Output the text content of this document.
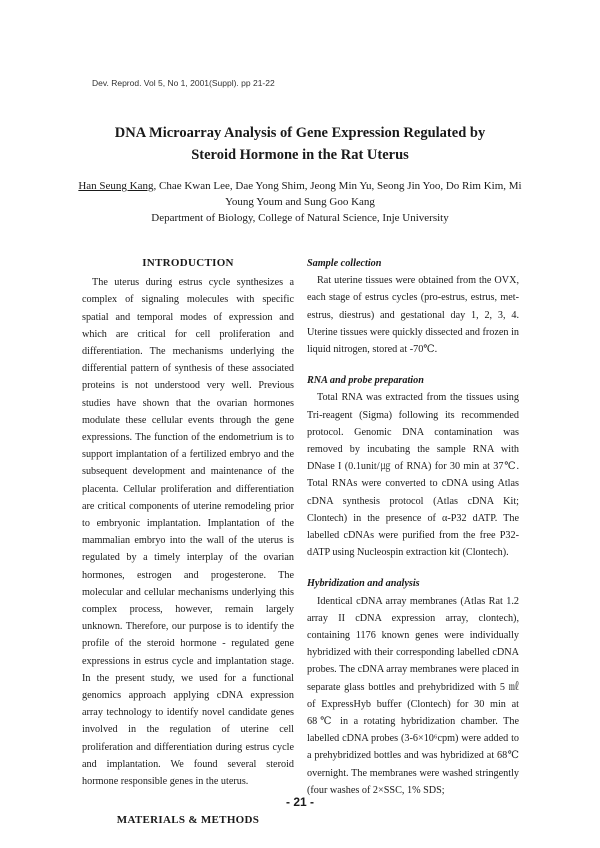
Dev. Reprod. Vol 5, No 1, 2001(Suppl). pp 21-22
DNA Microarray Analysis of Gene Expression Regulated by
Steroid Hormone in the Rat Uterus
Han Seung Kang, Chae Kwan Lee, Dae Yong Shim, Jeong Min Yu, Seong Jin Yoo, Do Rim Kim, Mi Young Youm and Sung Goo Kang
Department of Biology, College of Natural Science, Inje University
INTRODUCTION

The uterus during estrus cycle synthesizes a complex of signaling molecules with specific spatial and temporal modes of expression and which are critical for cell proliferation and differentiation. The mechanisms underlying the differential pattern of synthesis of these associated proteins is not understood very well. Previous studies have shown that the ovarian hormones modulate these cellular events through the gene expressions. The function of the endometrium is to support implantation of a fertilized embryo and the subsequent development and maintenance of the placenta. Cellular proliferation and differentiation are critical components of uterine remodeling prior to embryonic implantation. Implantation of the mammalian embryo into the wall of the uterus is regulated by a timely interplay of the ovarian hormones, estrogen and progesterone. The molecular and cellular mechanisms underlying this complex process, however, remain largely unknown. Therefore, our purpose is to identify the profile of the steroid hormone - regulated gene expressions in estrus cycle and implantation stage. In the present study, we used for a functional genomics approach applying cDNA expression array technology to identify novel candidate genes involved in the regulation of uterine cell proliferation and differentiation during estrus cycle and implantation. We found several steroid hormone responsible genes in the uterus.

MATERIALS & METHODS

Sample collection

Rat uterine tissues were obtained from the OVX, each stage of estrus cycles (pro-estrus, estrus, met-estrus, diestrus) and gestational day 1, 2, 3, 4. Uterine tissues were quickly dissected and frozen in liquid nitrogen, stored at -70℃.

RNA and probe preparation

Total RNA was extracted from the tissues using Tri-reagent (Sigma) following its recommended protocol. Genomic DNA contamination was removed by incubating the sample RNA with DNase I (0.1unit/㎍ of RNA) for 30 min at 37℃. Total RNAs were converted to cDNA using Atlas cDNA synthesis protocol (Atlas cDNA Kit; Clontech) in the presence of α-P32 dATP. The labelled cDNAs were purified from the free P32-dATP using Nucleospin extraction kit (Clontech).

Hybridization and analysis

Identical cDNA array membranes (Atlas Rat 1.2 array II cDNA expression array, clontech), containing 1176 known genes were individually hybridized with their corresponding labelled cDNA probes. The cDNA array membranes were placed in separate glass bottles and prehybridized with 5 ㎖ of ExpressHyb buffer (Clontech) for 30 min at 68℃ in a rotating hybridization chamber. The labelled cDNA probes (3-6×10⁶cpm) were added to a prehybridized bottles and was hybridized at 68℃ overnight. The membranes were washed stringently (four washes of 2×SSC, 1% SDS;

- 21 -
